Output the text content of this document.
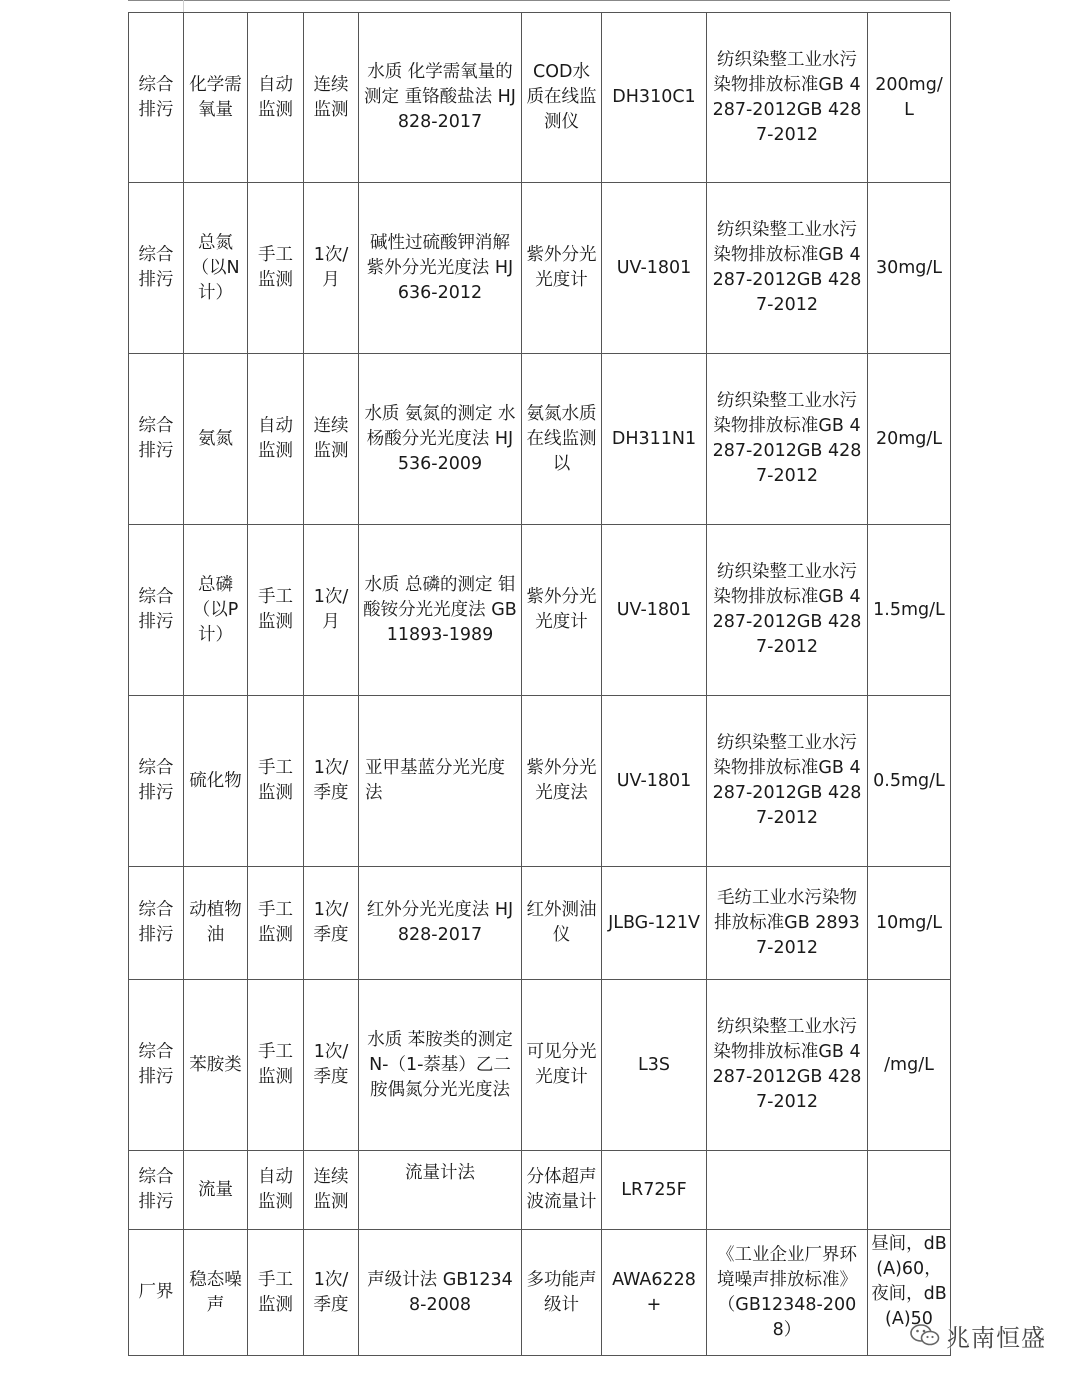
综合排污	化学需氧量	自动监测	连续监测	水质 化学需氧量的测定 重铬酸盐法 HJ 828-2017	COD水质在线监测仪	DH310C1	纺织染整工业水污染物排放标准GB 4287-2012GB 4287-2012	200mg/L
综合排污	总氮（以N计）	手工监测	1次/月	碱性过硫酸钾消解紫外分光光度法 HJ 636-2012	紫外分光光度计	UV-1801	纺织染整工业水污染物排放标准GB 4287-2012GB 4287-2012	30mg/L
综合排污	氨氮	自动监测	连续监测	水质 氨氮的测定 水杨酸分光光度法 HJ 536-2009	氨氮水质在线监测以	DH311N1	纺织染整工业水污染物排放标准GB 4287-2012GB 4287-2012	20mg/L
综合排污	总磷（以P计）	手工监测	1次/月	水质 总磷的测定 钼酸铵分光光度法 GB 11893-1989	紫外分光光度计	UV-1801	纺织染整工业水污染物排放标准GB 4287-2012GB 4287-2012	1.5mg/L
综合排污	硫化物	手工监测	1次/季度	亚甲基蓝分光光度法	紫外分光光度法	UV-1801	纺织染整工业水污染物排放标准GB 4287-2012GB 4287-2012	0.5mg/L
综合排污	动植物油	手工监测	1次/季度	红外分光光度法 HJ828-2017	红外测油仪	JLBG-121V	毛纺工业水污染物排放标准GB 28937-2012	10mg/L
综合排污	苯胺类	手工监测	1次/季度	水质 苯胺类的测定 N-（1-萘基）乙二胺偶氮分光光度法	可见分光光度计	L3S	纺织染整工业水污染物排放标准GB 4287-2012GB 4287-2012	/mg/L
综合排污	流量	自动监测	连续监测	流量计法	分体超声波流量计	LR725F		
厂界	稳态噪声	手工监测	1次/季度	声级计法 GB12348-2008	多功能声级计	AWA6228+	《工业企业厂界环境噪声排放标准》（GB12348-2008）	昼间，dB(A)60，夜间，dB(A)50
兆南恒盛
